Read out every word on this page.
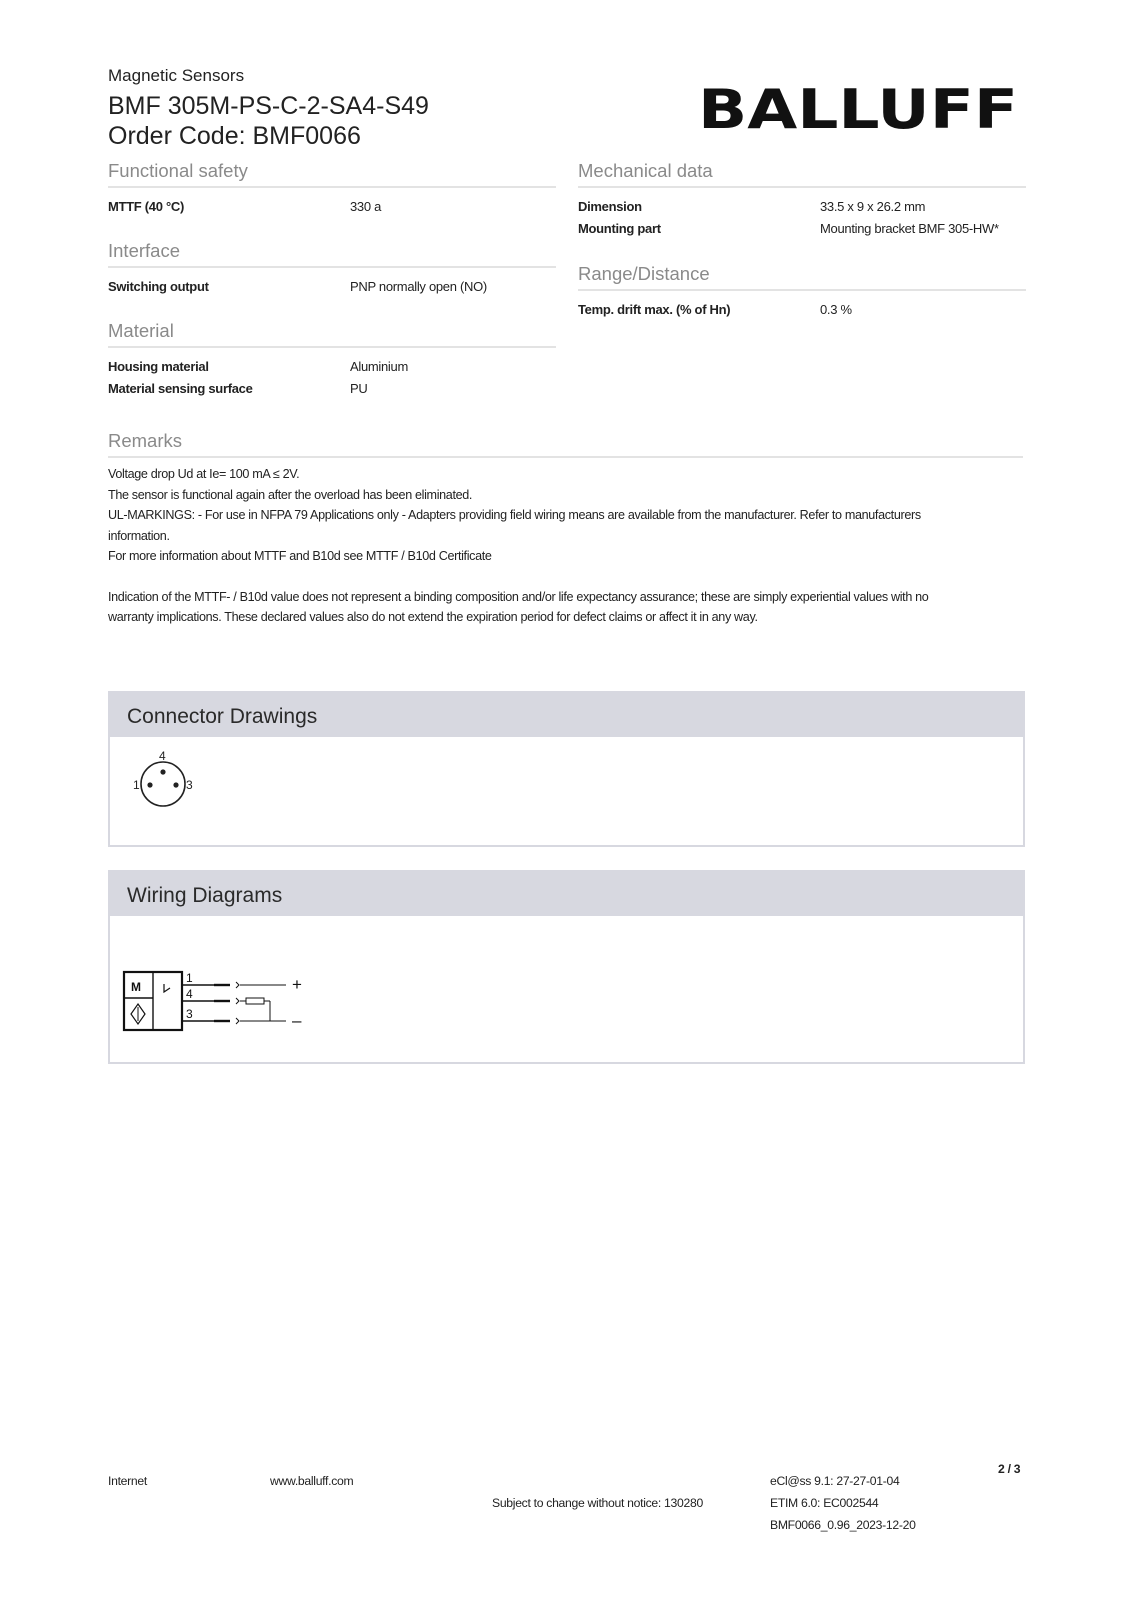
Magnetic Sensors
BMF 305M-PS-C-2-SA4-S49
Order Code: BMF0066	BALLUFF
Functional safety
MTTF (40 °C)	330 a
Interface
Switching output	PNP normally open (NO)
Material
Housing material	Aluminium
Material sensing surface	PU
Mechanical data
Dimension	33.5 x 9 x 26.2 mm
Mounting part	Mounting bracket BMF 305-HW*
Range/Distance
Temp. drift max. (% of Hn)	0.3 %
Remarks
Voltage drop Ud at Ie= 100 mA ≤ 2V.
The sensor is functional again after the overload has been eliminated.
UL-MARKINGS: - For use in NFPA 79 Applications only - Adapters providing field wiring means are available from the manufacturer. Refer to manufacturers
information.
For more information about MTTF and B10d see MTTF / B10d Certificate
Indication of the MTTF- / B10d value does not represent a binding composition and/or life expectancy assurance; these are simply experiential values with no
warranty implications. These declared values also do not extend the expiration period for defect claims or affect it in any way.
Connector Drawings
4
1	3
Wiring Diagrams
M
1
4
3
+
–
Internet	www.balluff.com
Subject to change without notice: 130280
eCl@ss 9.1: 27-27-01-04
ETIM 6.0: EC002544
BMF0066_0.96_2023-12-20
2 / 3
